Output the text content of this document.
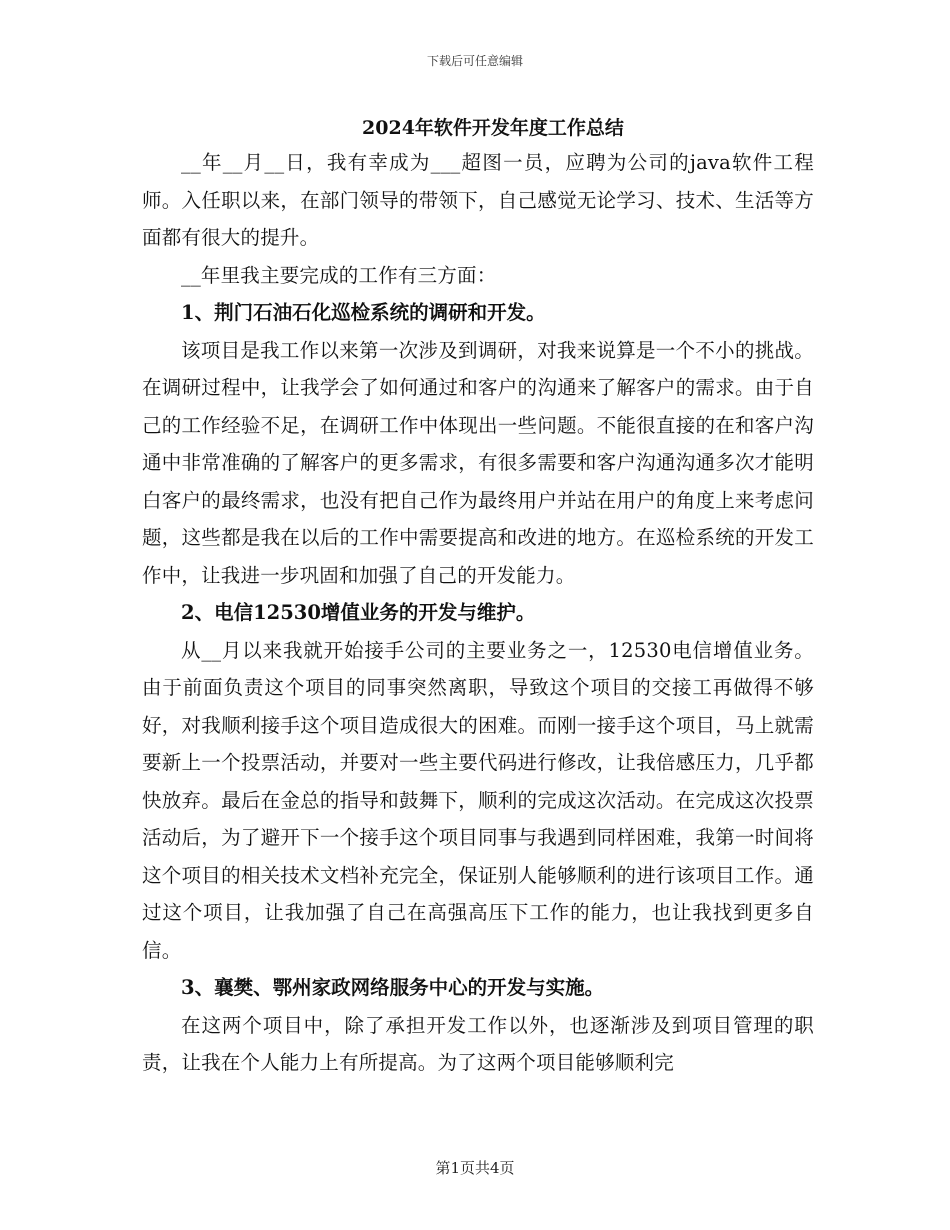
下载后可任意编辑
2024年软件开发年度工作总结

__年__月__日，我有幸成为___超图一员，应聘为公司的java软件工程师。入任职以来，在部门领导的带领下，自己感觉无论学习、技术、生活等方面都有很大的提升。

__年里我主要完成的工作有三方面：

1、荆门石油石化巡检系统的调研和开发。

该项目是我工作以来第一次涉及到调研，对我来说算是一个不小的挑战。在调研过程中，让我学会了如何通过和客户的沟通来了解客户的需求。由于自己的工作经验不足，在调研工作中体现出一些问题。不能很直接的在和客户沟通中非常准确的了解客户的更多需求，有很多需要和客户沟通沟通多次才能明白客户的最终需求，也没有把自己作为最终用户并站在用户的角度上来考虑问题，这些都是我在以后的工作中需要提高和改进的地方。在巡检系统的开发工作中，让我进一步巩固和加强了自己的开发能力。

2、电信12530增值业务的开发与维护。

从__月以来我就开始接手公司的主要业务之一，12530电信增值业务。由于前面负责这个项目的同事突然离职，导致这个项目的交接工再做得不够好，对我顺利接手这个项目造成很大的困难。而刚一接手这个项目，马上就需要新上一个投票活动，并要对一些主要代码进行修改，让我倍感压力，几乎都快放弃。最后在金总的指导和鼓舞下，顺利的完成这次活动。在完成这次投票活动后，为了避开下一个接手这个项目同事与我遇到同样困难，我第一时间将这个项目的相关技术文档补充完全，保证别人能够顺利的进行该项目工作。通过这个项目，让我加强了自己在高强高压下工作的能力，也让我找到更多自信。

3、襄樊、鄂州家政网络服务中心的开发与实施。

在这两个项目中，除了承担开发工作以外，也逐渐涉及到项目管理的职责，让我在个人能力上有所提高。为了这两个项目能够顺利完

第1页共4页
